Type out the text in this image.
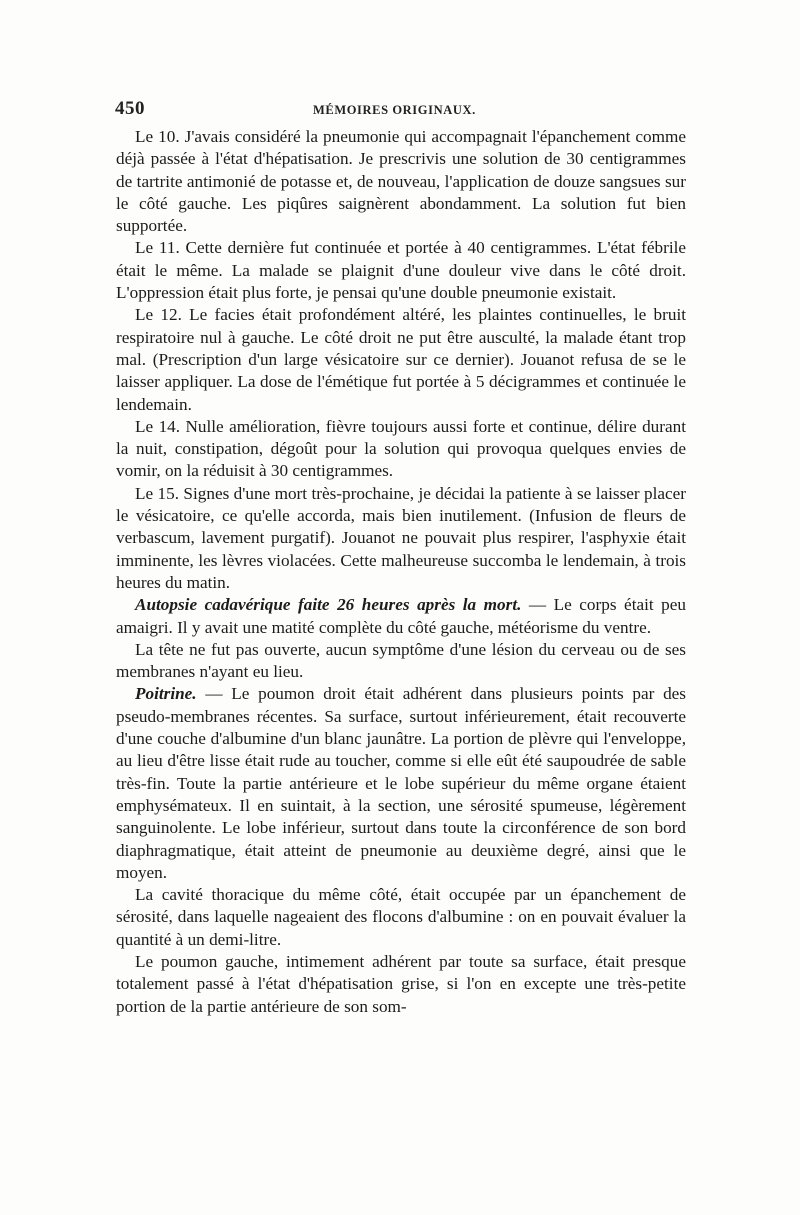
450	MÉMOIRES ORIGINAUX.

Le 10. J'avais considéré la pneumonie qui accompagnait l'épanchement comme déjà passée à l'état d'hépatisation. Je prescrivis une solution de 30 centigrammes de tartrite antimonié de potasse et, de nouveau, l'application de douze sangsues sur le côté gauche. Les piqûres saignèrent abondamment. La solution fut bien supportée.

Le 11. Cette dernière fut continuée et portée à 40 centigrammes. L'état fébrile était le même. La malade se plaignit d'une douleur vive dans le côté droit. L'oppression était plus forte, je pensai qu'une double pneumonie existait.

Le 12. Le facies était profondément altéré, les plaintes continuelles, le bruit respiratoire nul à gauche. Le côté droit ne put être ausculté, la malade étant trop mal. (Prescription d'un large vésicatoire sur ce dernier). Jouanot refusa de se le laisser appliquer. La dose de l'émétique fut portée à 5 décigrammes et continuée le lendemain.

Le 14. Nulle amélioration, fièvre toujours aussi forte et continue, délire durant la nuit, constipation, dégoût pour la solution qui provoqua quelques envies de vomir, on la réduisit à 30 centigrammes.

Le 15. Signes d'une mort très-prochaine, je décidai la patiente à se laisser placer le vésicatoire, ce qu'elle accorda, mais bien inutilement. (Infusion de fleurs de verbascum, lavement purgatif). Jouanot ne pouvait plus respirer, l'asphyxie était imminente, les lèvres violacées. Cette malheureuse succomba le lendemain, à trois heures du matin.

Autopsie cadavérique faite 26 heures après la mort. — Le corps était peu amaigri. Il y avait une matité complète du côté gauche, météorisme du ventre.

La tête ne fut pas ouverte, aucun symptôme d'une lésion du cerveau ou de ses membranes n'ayant eu lieu.

Poitrine. — Le poumon droit était adhérent dans plusieurs points par des pseudo-membranes récentes. Sa surface, surtout inférieurement, était recouverte d'une couche d'albumine d'un blanc jaunâtre. La portion de plèvre qui l'enveloppe, au lieu d'être lisse était rude au toucher, comme si elle eût été saupoudrée de sable très-fin. Toute la partie antérieure et le lobe supérieur du même organe étaient emphysémateux. Il en suintait, à la section, une sérosité spumeuse, légèrement sanguinolente. Le lobe inférieur, surtout dans toute la circonférence de son bord diaphragmatique, était atteint de pneumonie au deuxième degré, ainsi que le moyen.

La cavité thoracique du même côté, était occupée par un épanchement de sérosité, dans laquelle nageaient des flocons d'albumine : on en pouvait évaluer la quantité à un demi-litre.

Le poumon gauche, intimement adhérent par toute sa surface, était presque totalement passé à l'état d'hépatisation grise, si l'on en excepte une très-petite portion de la partie antérieure de son som-
